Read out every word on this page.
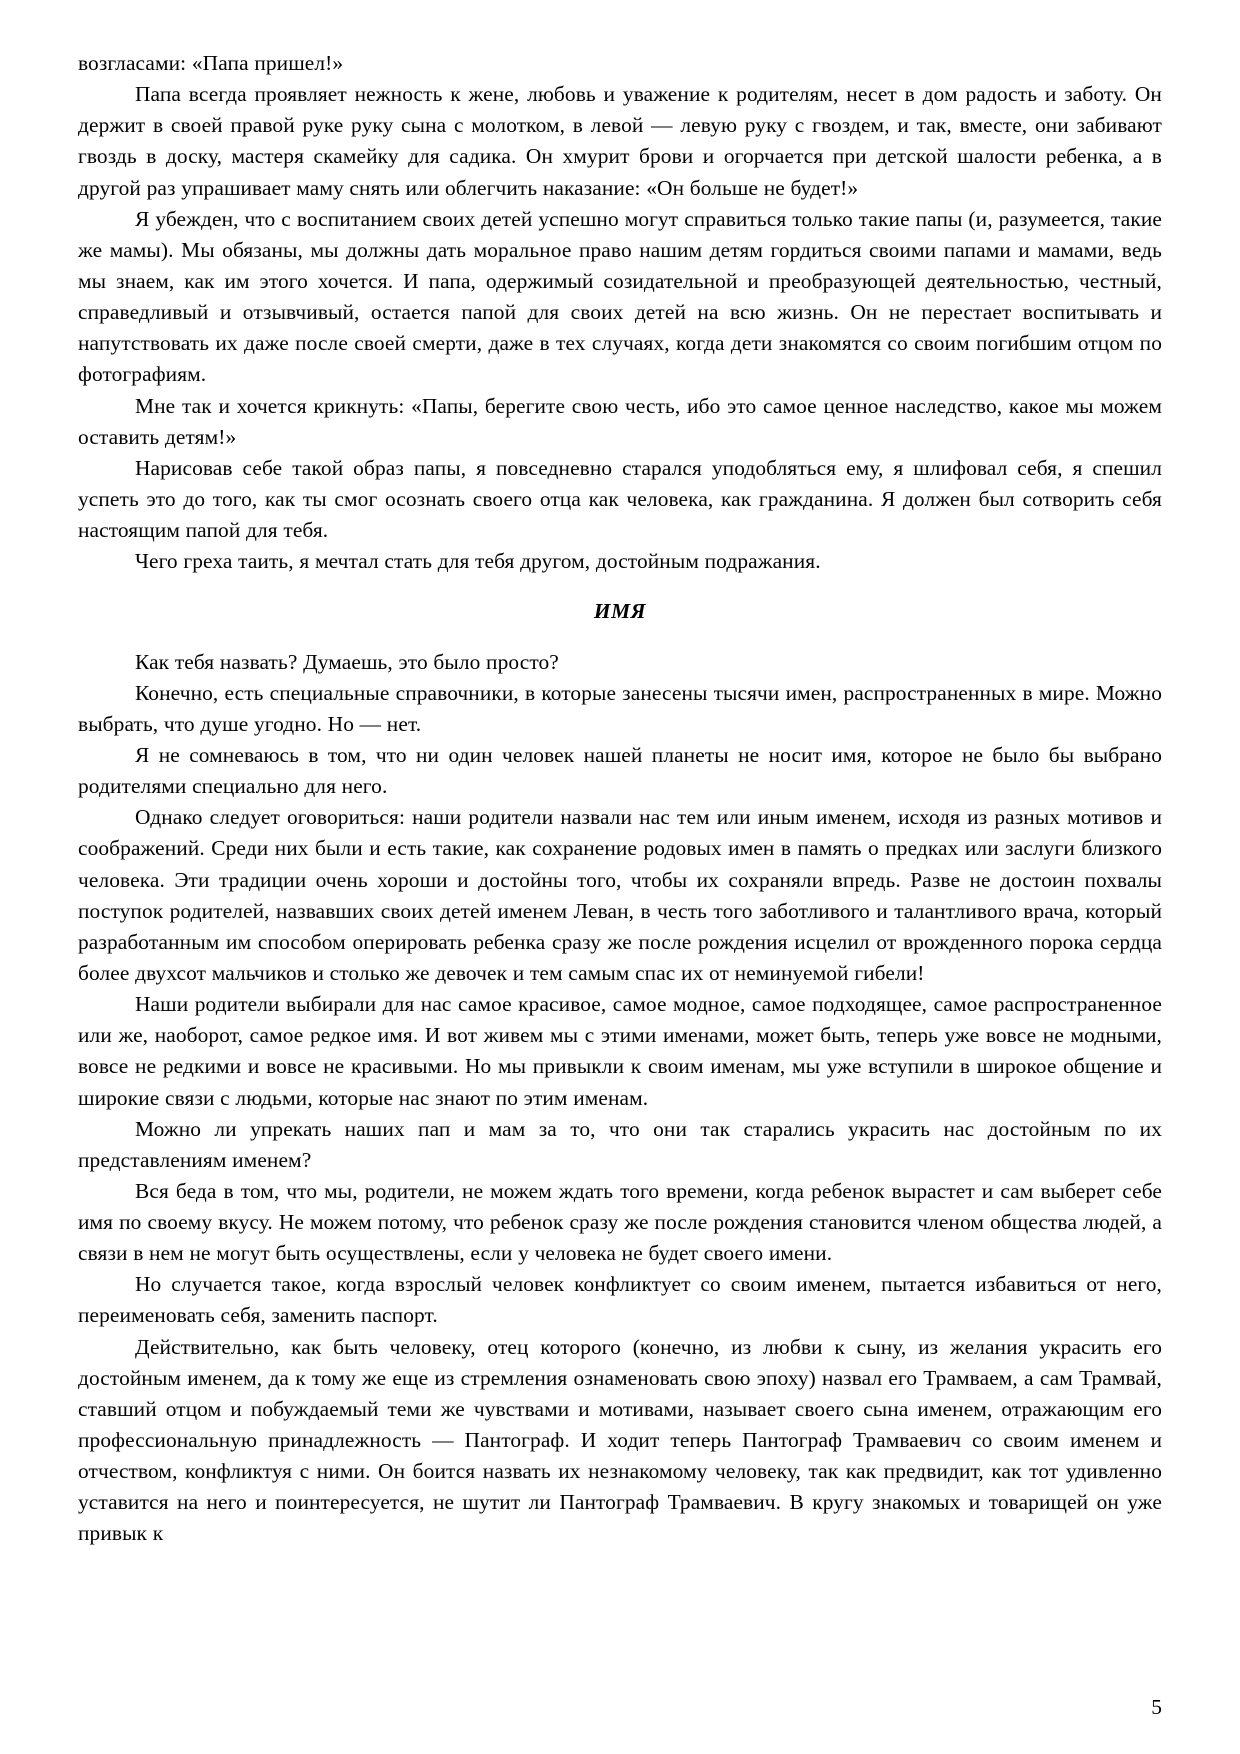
возгласами: «Папа пришел!»

Папа всегда проявляет нежность к жене, любовь и уважение к родителям, несет в дом радость и заботу. Он держит в своей правой руке руку сына с молотком, в левой — левую руку с гвоздем, и так, вместе, они забивают гвоздь в доску, мастеря скамейку для садика. Он хмурит брови и огорчается при детской шалости ребенка, а в другой раз упрашивает маму снять или облегчить наказание: «Он больше не будет!»

Я убежден, что с воспитанием своих детей успешно могут справиться только такие папы (и, разумеется, такие же мамы). Мы обязаны, мы должны дать моральное право нашим детям гордиться своими папами и мамами, ведь мы знаем, как им этого хочется. И папа, одержимый созидательной и преобразующей деятельностью, честный, справедливый и отзывчивый, остается папой для своих детей на всю жизнь. Он не перестает воспитывать и напутствовать их даже после своей смерти, даже в тех случаях, когда дети знакомятся со своим погибшим отцом по фотографиям.

Мне так и хочется крикнуть: «Папы, берегите свою честь, ибо это самое ценное наследство, какое мы можем оставить детям!»

Нарисовав себе такой образ папы, я повседневно старался уподобляться ему, я шлифовал себя, я спешил успеть это до того, как ты смог осознать своего отца как человека, как гражданина. Я должен был сотворить себя настоящим папой для тебя.

Чего греха таить, я мечтал стать для тебя другом, достойным подражания.

ИМЯ

Как тебя назвать? Думаешь, это было просто?

Конечно, есть специальные справочники, в которые занесены тысячи имен, распространенных в мире. Можно выбрать, что душе угодно. Но — нет.

Я не сомневаюсь в том, что ни один человек нашей планеты не носит имя, которое не было бы выбрано родителями специально для него.

Однако следует оговориться: наши родители назвали нас тем или иным именем, исходя из разных мотивов и соображений. Среди них были и есть такие, как сохранение родовых имен в память о предках или заслуги близкого человека. Эти традиции очень хороши и достойны того, чтобы их сохраняли впредь. Разве не достоин похвалы поступок родителей, назвавших своих детей именем Леван, в честь того заботливого и талантливого врача, который разработанным им способом оперировать ребенка сразу же после рождения исцелил от врожденного порока сердца более двухсот мальчиков и столько же девочек и тем самым спас их от неминуемой гибели!

Наши родители выбирали для нас самое красивое, самое модное, самое подходящее, самое распространенное или же, наоборот, самое редкое имя. И вот живем мы с этими именами, может быть, теперь уже вовсе не модными, вовсе не редкими и вовсе не красивыми. Но мы привыкли к своим именам, мы уже вступили в широкое общение и широкие связи с людьми, которые нас знают по этим именам.

Можно ли упрекать наших пап и мам за то, что они так старались украсить нас достойным по их представлениям именем?

Вся беда в том, что мы, родители, не можем ждать того времени, когда ребенок вырастет и сам выберет себе имя по своему вкусу. Не можем потому, что ребенок сразу же после рождения становится членом общества людей, а связи в нем не могут быть осуществлены, если у человека не будет своего имени.

Но случается такое, когда взрослый человек конфликтует со своим именем, пытается избавиться от него, переименовать себя, заменить паспорт.

Действительно, как быть человеку, отец которого (конечно, из любви к сыну, из желания украсить его достойным именем, да к тому же еще из стремления ознаменовать свою эпоху) назвал его Трамваем, а сам Трамвай, ставший отцом и побуждаемый теми же чувствами и мотивами, называет своего сына именем, отражающим его профессиональную принадлежность — Пантограф. И ходит теперь Пантограф Трамваевич со своим именем и отчеством, конфликтуя с ними. Он боится назвать их незнакомому человеку, так как предвидит, как тот удивленно уставится на него и поинтересуется, не шутит ли Пантограф Трамваевич. В кругу знакомых и товарищей он уже привык к

5
